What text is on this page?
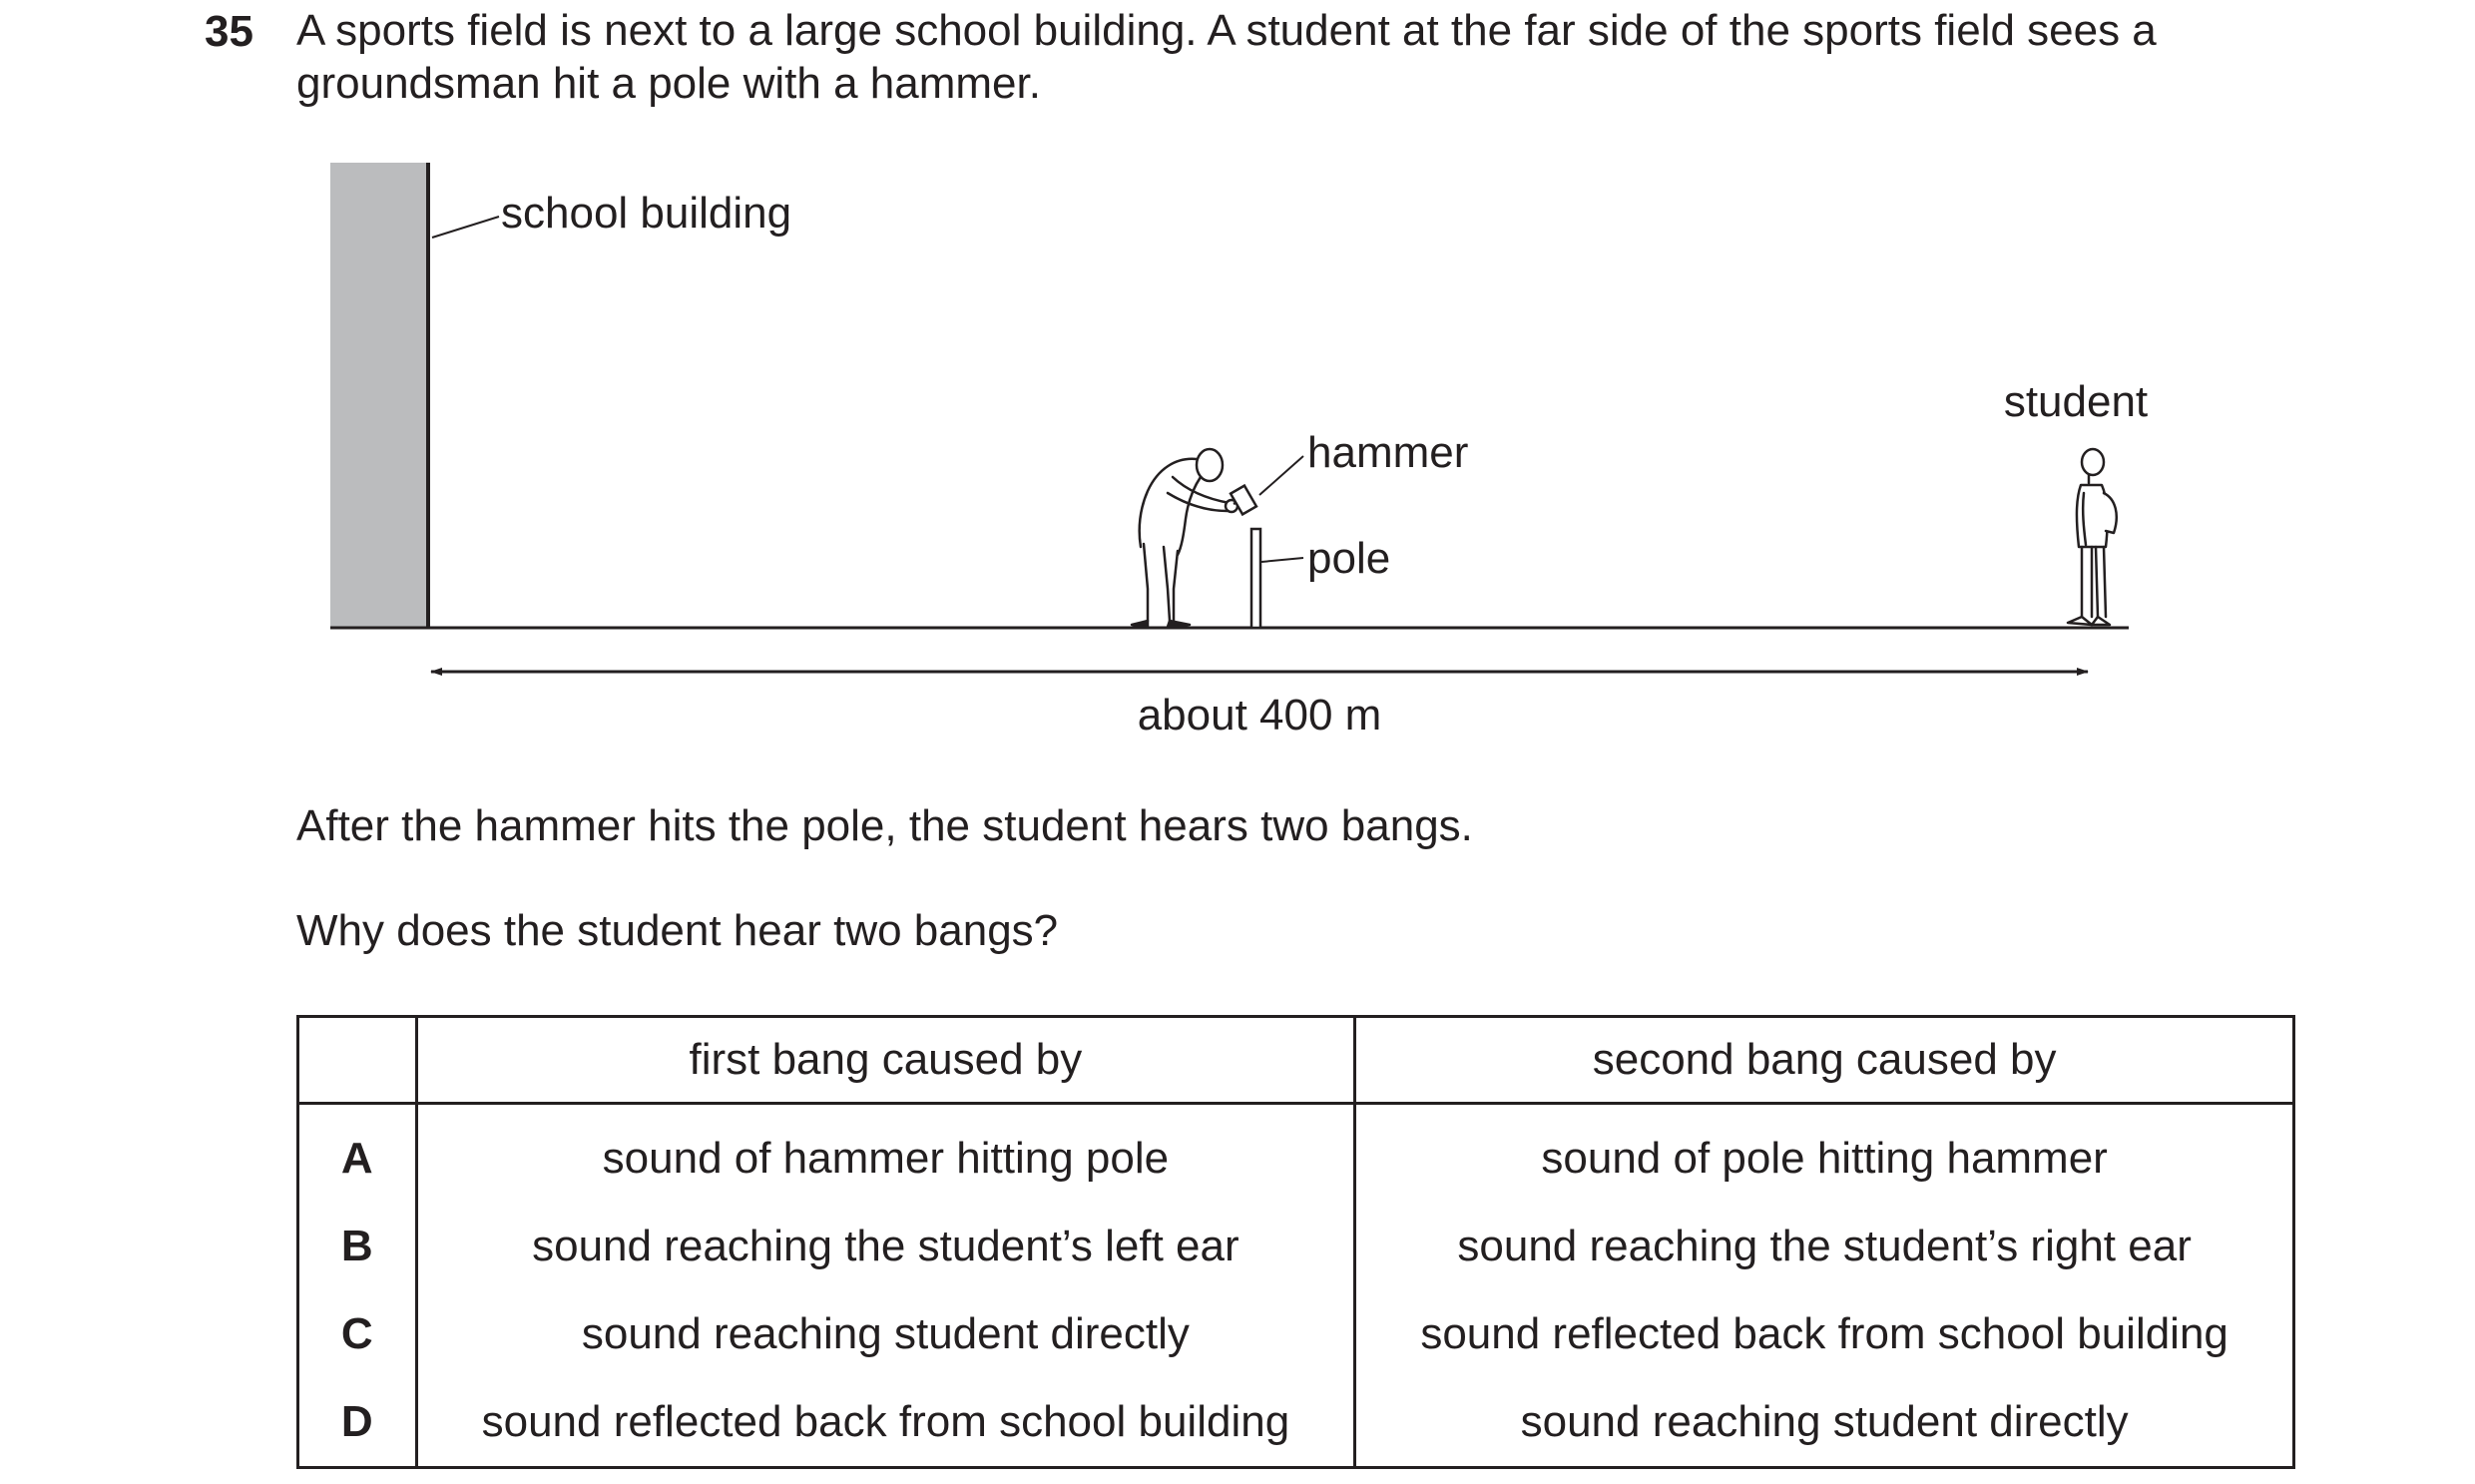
35 A sports field is next to a large school building. A student at the far side of the sports field sees a groundsman hit a pole with a hammer.
school building
about 400 m
hammer
pole
student
After the hammer hits the pole, the student hears two bangs.
Why does the student hear two bangs?
	first bang caused by	second bang caused by
A	sound of hammer hitting pole	sound of pole hitting hammer
B	sound reaching the student’s left ear	sound reaching the student’s right ear
C	sound reaching student directly	sound reflected back from school building
D	sound reflected back from school building	sound reaching student directly
